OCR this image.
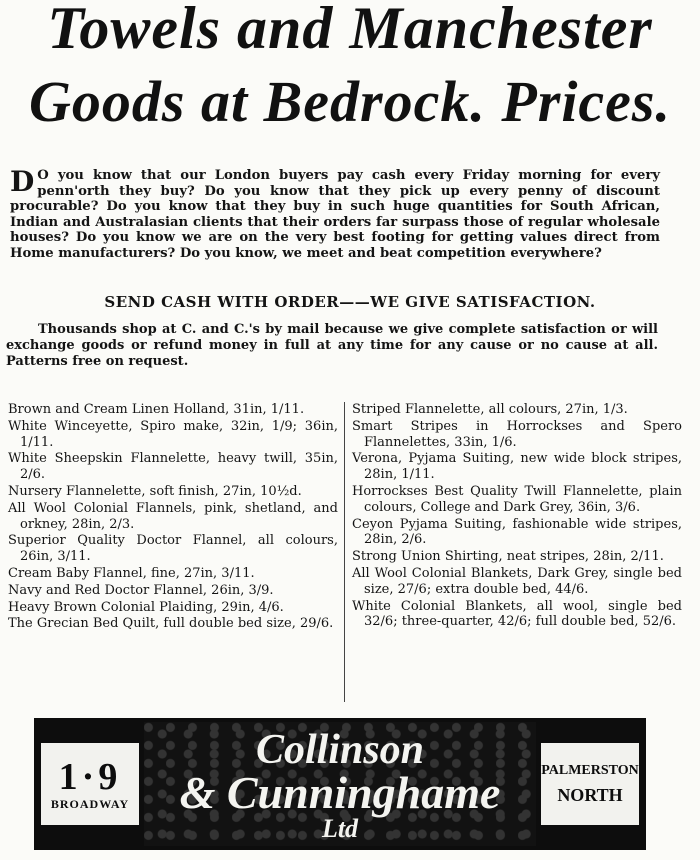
Towels and Manchester
Goods at Bedrock. Prices.

D O you know that our London buyers pay cash every Friday morning for every penn'orth they buy? Do you know that they pick up every penny of discount procurable? Do you know that they buy in such huge quantities for South African, Indian and Australasian clients that their orders far surpass those of regular wholesale houses? Do you know we are on the very best footing for getting values direct from Home manufacturers? Do you know, we meet and beat competition everywhere?

SEND CASH WITH ORDER——WE GIVE SATISFACTION.

Thousands shop at C. and C.'s by mail because we give complete satisfaction or will exchange goods or refund money in full at any time for any cause or no cause at all. Patterns free on request.

Brown and Cream Linen Holland, 31in, 1/11.
White Winceyette, Spiro make, 32in, 1/9; 36in, 1/11.
White Sheepskin Flannelette, heavy twill, 35in, 2/6.
Nursery Flannelette, soft finish, 27in, 10½d.
All Wool Colonial Flannels, pink, shetland, and orkney, 28in, 2/3.
Superior Quality Doctor Flannel, all colours, 26in, 3/11.
Cream Baby Flannel, fine, 27in, 3/11.
Navy and Red Doctor Flannel, 26in, 3/9.
Heavy Brown Colonial Plaiding, 29in, 4/6.
The Grecian Bed Quilt, full double bed size, 29/6.
Striped Flannelette, all colours, 27in, 1/3.
Smart Stripes in Horrockses and Spero Flannelettes, 33in, 1/6.
Verona, Pyjama Suiting, new wide block stripes, 28in, 1/11.
Horrockses Best Quality Twill Flannelette, plain colours, College and Dark Grey, 36in, 3/6.
Ceyon Pyjama Suiting, fashionable wide stripes, 28in, 2/6.
Strong Union Shirting, neat stripes, 28in, 2/11.
All Wool Colonial Blankets, Dark Grey, single bed size, 27/6; extra double bed, 44/6.
White Colonial Blankets, all wool, single bed 32/6; three-quarter, 42/6; full double bed, 52/6.
1·9
BROADWAY

Collinson

& Cunninghame

Ltd

PALMERSTON
NORTH
